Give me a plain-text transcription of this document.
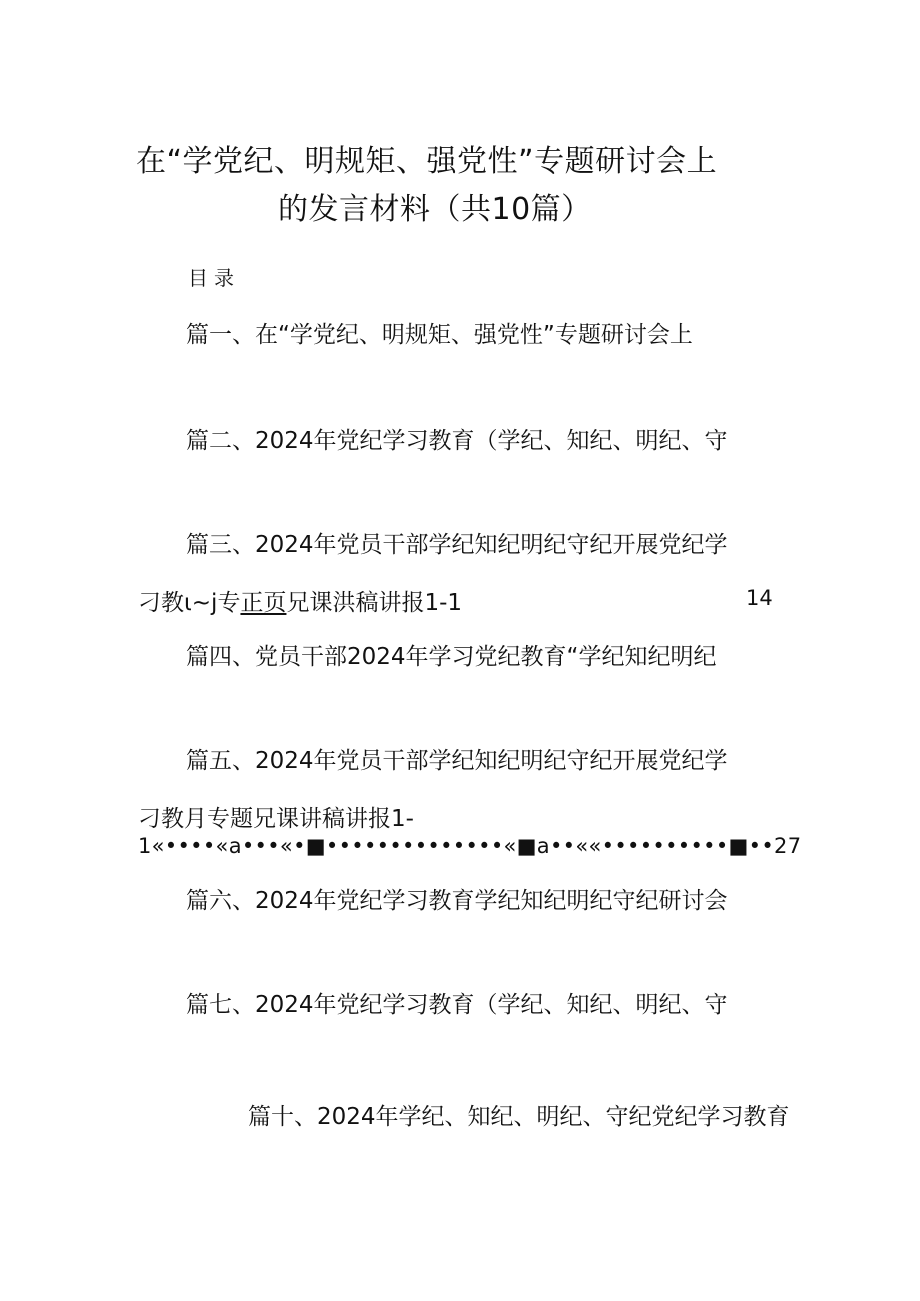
在“学党纪、明规矩、强党性”专题研讨会上
的发言材料（共10篇）
目录
篇一、在“学党纪、明规矩、强党性”专题研讨会上
篇二、2024年党纪学习教育（学纪、知纪、明纪、守
篇三、2024年党员干部学纪知纪明纪守纪开展党纪学
刁教ι~j专正页兄课洪稿讲报1-1	14
篇四、党员干部2024年学习党纪教育“学纪知纪明纪
篇五、2024年党员干部学纪知纪明纪守纪开展党纪学
刁教月专题兄课讲稿讲报1-
1«••••«a•••«•■••••••••••••••«■a••««••••••••••■••27
篇六、2024年党纪学习教育学纪知纪明纪守纪研讨会
篇七、2024年党纪学习教育（学纪、知纪、明纪、守
篇十、2024年学纪、知纪、明纪、守纪党纪学习教育
